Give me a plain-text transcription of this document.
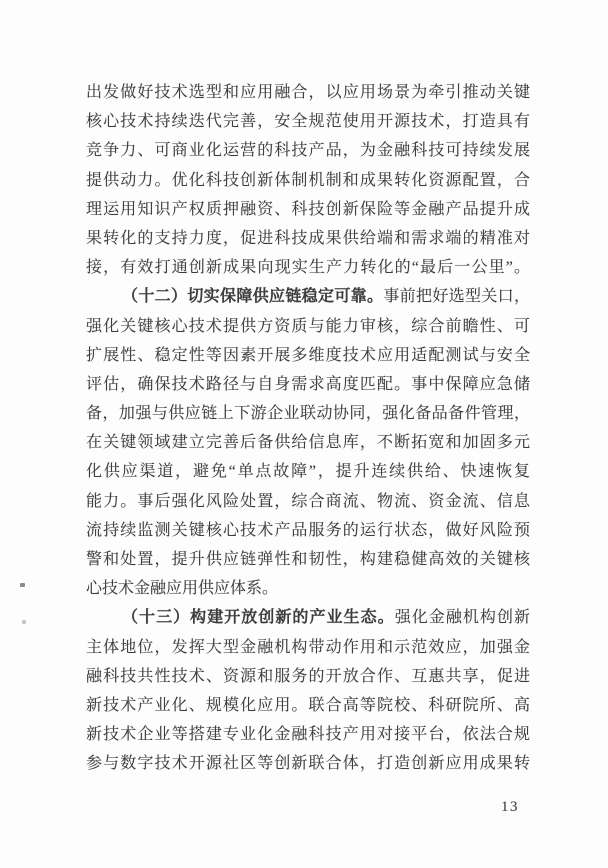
出发做好技术选型和应用融合，以应用场景为牵引推动关键
核心技术持续迭代完善，安全规范使用开源技术，打造具有
竞争力、可商业化运营的科技产品，为金融科技可持续发展
提供动力。优化科技创新体制机制和成果转化资源配置，合
理运用知识产权质押融资、科技创新保险等金融产品提升成
果转化的支持力度，促进科技成果供给端和需求端的精准对
接，有效打通创新成果向现实生产力转化的“最后一公里”。
（十二）切实保障供应链稳定可靠。事前把好选型关口，
强化关键核心技术提供方资质与能力审核，综合前瞻性、可
扩展性、稳定性等因素开展多维度技术应用适配测试与安全
评估，确保技术路径与自身需求高度匹配。事中保障应急储
备，加强与供应链上下游企业联动协同，强化备品备件管理，
在关键领域建立完善后备供给信息库，不断拓宽和加固多元
化供应渠道，避免“单点故障”，提升连续供给、快速恢复
能力。事后强化风险处置，综合商流、物流、资金流、信息
流持续监测关键核心技术产品服务的运行状态，做好风险预
警和处置，提升供应链弹性和韧性，构建稳健高效的关键核
心技术金融应用供应体系。
（十三）构建开放创新的产业生态。强化金融机构创新
主体地位，发挥大型金融机构带动作用和示范效应，加强金
融科技共性技术、资源和服务的开放合作、互惠共享，促进
新技术产业化、规模化应用。联合高等院校、科研院所、高
新技术企业等搭建专业化金融科技产用对接平台，依法合规
参与数字技术开源社区等创新联合体，打造创新应用成果转
13
